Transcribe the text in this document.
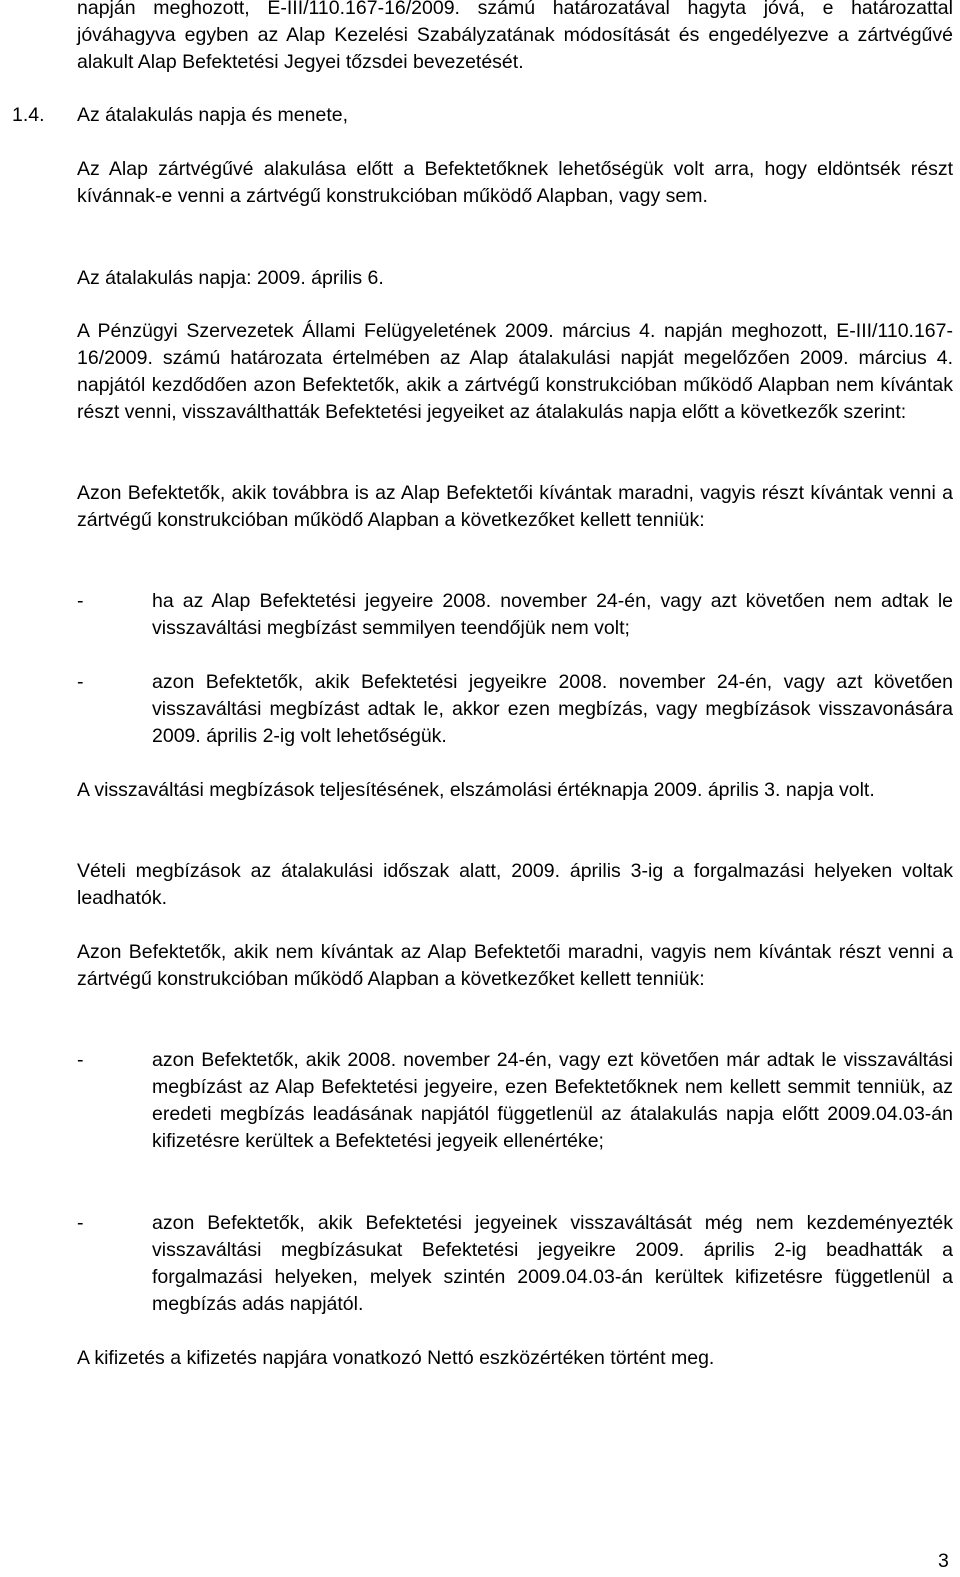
napján meghozott, E-III/110.167-16/2009. számú határozatával hagyta jóvá, e határozattal jóváhagyva egyben az Alap Kezelési Szabályzatának módosítását és engedélyezve a zártvégűvé alakult Alap Befektetési Jegyei tőzsdei bevezetését.

1.4. Az átalakulás napja és menete,

Az Alap zártvégűvé alakulása előtt a Befektetőknek lehetőségük volt arra, hogy eldöntsék részt kívánnak-e venni a zártvégű konstrukcióban működő Alapban, vagy sem.

Az átalakulás napja: 2009. április 6.

A Pénzügyi Szervezetek Állami Felügyeletének 2009. március 4. napján meghozott, E-III/110.167-16/2009. számú határozata értelmében az Alap átalakulási napját megelőzően 2009. március 4. napjától kezdődően azon Befektetők, akik a zártvégű konstrukcióban működő Alapban nem kívántak részt venni, visszaválthatták Befektetési jegyeiket az átalakulás napja előtt a következők szerint:

Azon Befektetők, akik továbbra is az Alap Befektetői kívántak maradni, vagyis részt kívántak venni a zártvégű konstrukcióban működő Alapban a következőket kellett tenniük:

-	ha az Alap Befektetési jegyeire 2008. november 24-én, vagy azt követően nem adtak le visszaváltási megbízást semmilyen teendőjük nem volt;

-	azon Befektetők, akik Befektetési jegyeikre 2008. november 24-én, vagy azt követően visszaváltási megbízást adtak le, akkor ezen megbízás, vagy megbízások visszavonására 2009. április 2-ig volt lehetőségük.

A visszaváltási megbízások teljesítésének, elszámolási értéknapja 2009. április 3. napja volt.

Vételi megbízások az átalakulási időszak alatt, 2009. április 3-ig a forgalmazási helyeken voltak leadhatók.

Azon Befektetők, akik nem kívántak az Alap Befektetői maradni, vagyis nem kívántak részt venni a zártvégű konstrukcióban működő Alapban a következőket kellett tenniük:

-	azon Befektetők, akik 2008. november 24-én, vagy ezt követően már adtak le visszaváltási megbízást az Alap Befektetési jegyeire, ezen Befektetőknek nem kellett semmit tenniük, az eredeti megbízás leadásának napjától függetlenül az átalakulás napja előtt 2009.04.03-án kifizetésre kerültek a Befektetési jegyeik ellenértéke;

-	azon Befektetők, akik Befektetési jegyeinek visszaváltását még nem kezdeményezték visszaváltási megbízásukat Befektetési jegyeikre 2009. április 2-ig beadhatták a forgalmazási helyeken, melyek szintén 2009.04.03-án kerültek kifizetésre függetlenül a megbízás adás napjától.

A kifizetés a kifizetés napjára vonatkozó Nettó eszközértéken történt meg.

3
